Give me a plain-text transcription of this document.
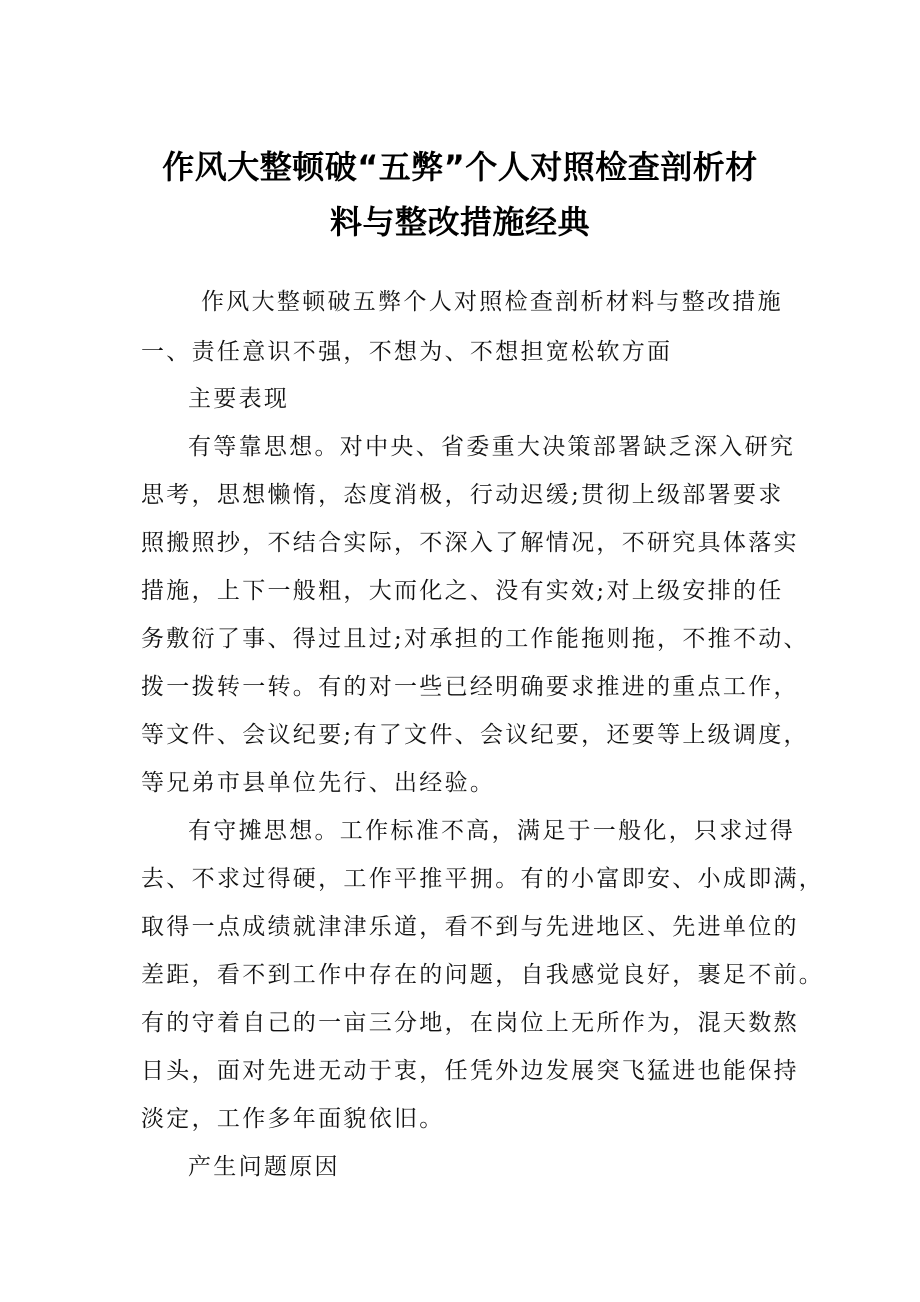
作风大整顿破“五弊”个人对照检查剖析材
料与整改措施经典
作风大整顿破五弊个人对照检查剖析材料与整改措施
一、责任意识不强，不想为、不想担宽松软方面
主要表现
有等靠思想。对中央、省委重大决策部署缺乏深入研究
思考，思想懒惰，态度消极，行动迟缓;贯彻上级部署要求
照搬照抄，不结合实际，不深入了解情况，不研究具体落实
措施，上下一般粗，大而化之、没有实效;对上级安排的任
务敷衍了事、得过且过;对承担的工作能拖则拖，不推不动、
拨一拨转一转。有的对一些已经明确要求推进的重点工作，
等文件、会议纪要;有了文件、会议纪要，还要等上级调度，
等兄弟市县单位先行、出经验。
有守摊思想。工作标准不高，满足于一般化，只求过得
去、不求过得硬，工作平推平拥。有的小富即安、小成即满，
取得一点成绩就津津乐道，看不到与先进地区、先进单位的
差距，看不到工作中存在的问题，自我感觉良好，裹足不前。
有的守着自己的一亩三分地，在岗位上无所作为，混天数熬
日头，面对先进无动于衷，任凭外边发展突飞猛进也能保持
淡定，工作多年面貌依旧。
产生问题原因
